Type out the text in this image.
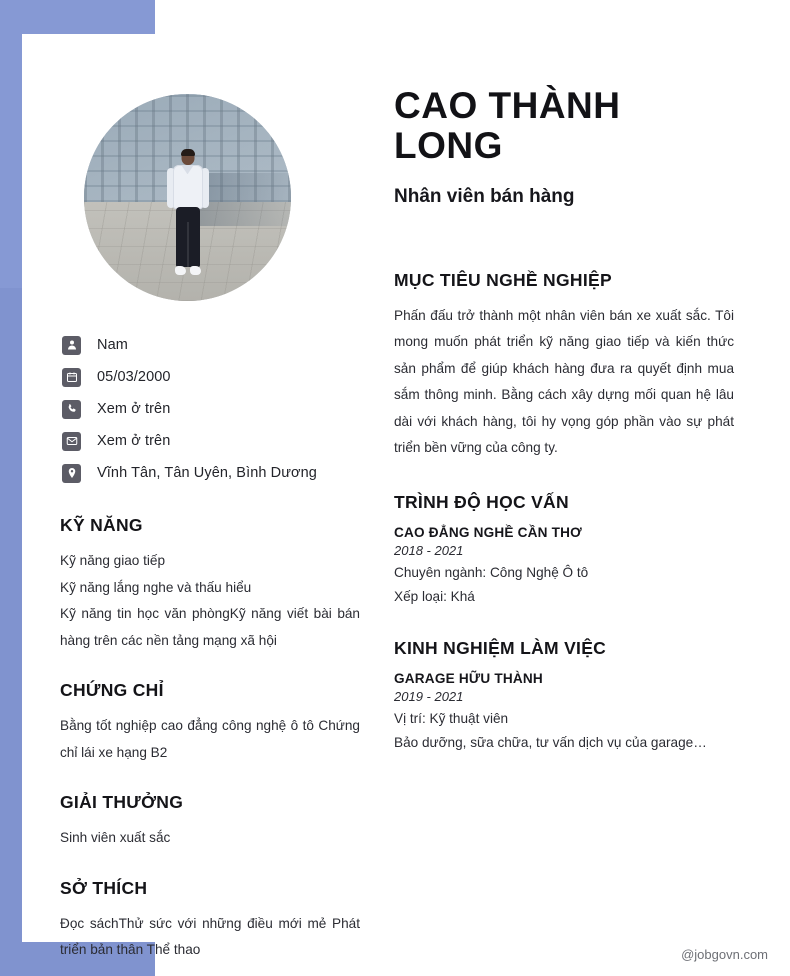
Nam
05/03/2000
Xem ở trên
Xem ở trên
Vĩnh Tân, Tân Uyên, Bình Dương
KỸ NĂNG
Kỹ năng giao tiếp
Kỹ năng lắng nghe và thấu hiểu
Kỹ năng tin học văn phòngKỹ năng viết bài bán hàng trên các nền tảng mạng xã hội
CHỨNG CHỈ
Bằng tốt nghiệp cao đẳng công nghệ ô tô Chứng chỉ lái xe hạng B2
GIẢI THƯỞNG
Sinh viên xuất sắc
SỞ THÍCH
Đọc sáchThử sức với những điều mới mẻ Phát triển bản thân Thể thao
CAO THÀNH LONG

Nhân viên bán hàng

MỤC TIÊU NGHỀ NGHIỆP

Phấn đấu trở thành một nhân viên bán xe xuất sắc. Tôi mong muốn phát triển kỹ năng giao tiếp và kiến thức sản phẩm để giúp khách hàng đưa ra quyết định mua sắm thông minh. Bằng cách xây dựng mối quan hệ lâu dài với khách hàng, tôi hy vọng góp phần vào sự phát triển bền vững của công ty.

TRÌNH ĐỘ HỌC VẤN

CAO ĐẲNG NGHỀ CẦN THƠ

2018 - 2021

Chuyên ngành: Công Nghệ Ô tô

Xếp loại: Khá

KINH NGHIỆM LÀM VIỆC

GARAGE HỮU THÀNH

2019 - 2021

Vị trí: Kỹ thuật viên

Bảo dưỡng, sữa chữa, tư vấn dịch vụ của garage…

@jobgovn.com
